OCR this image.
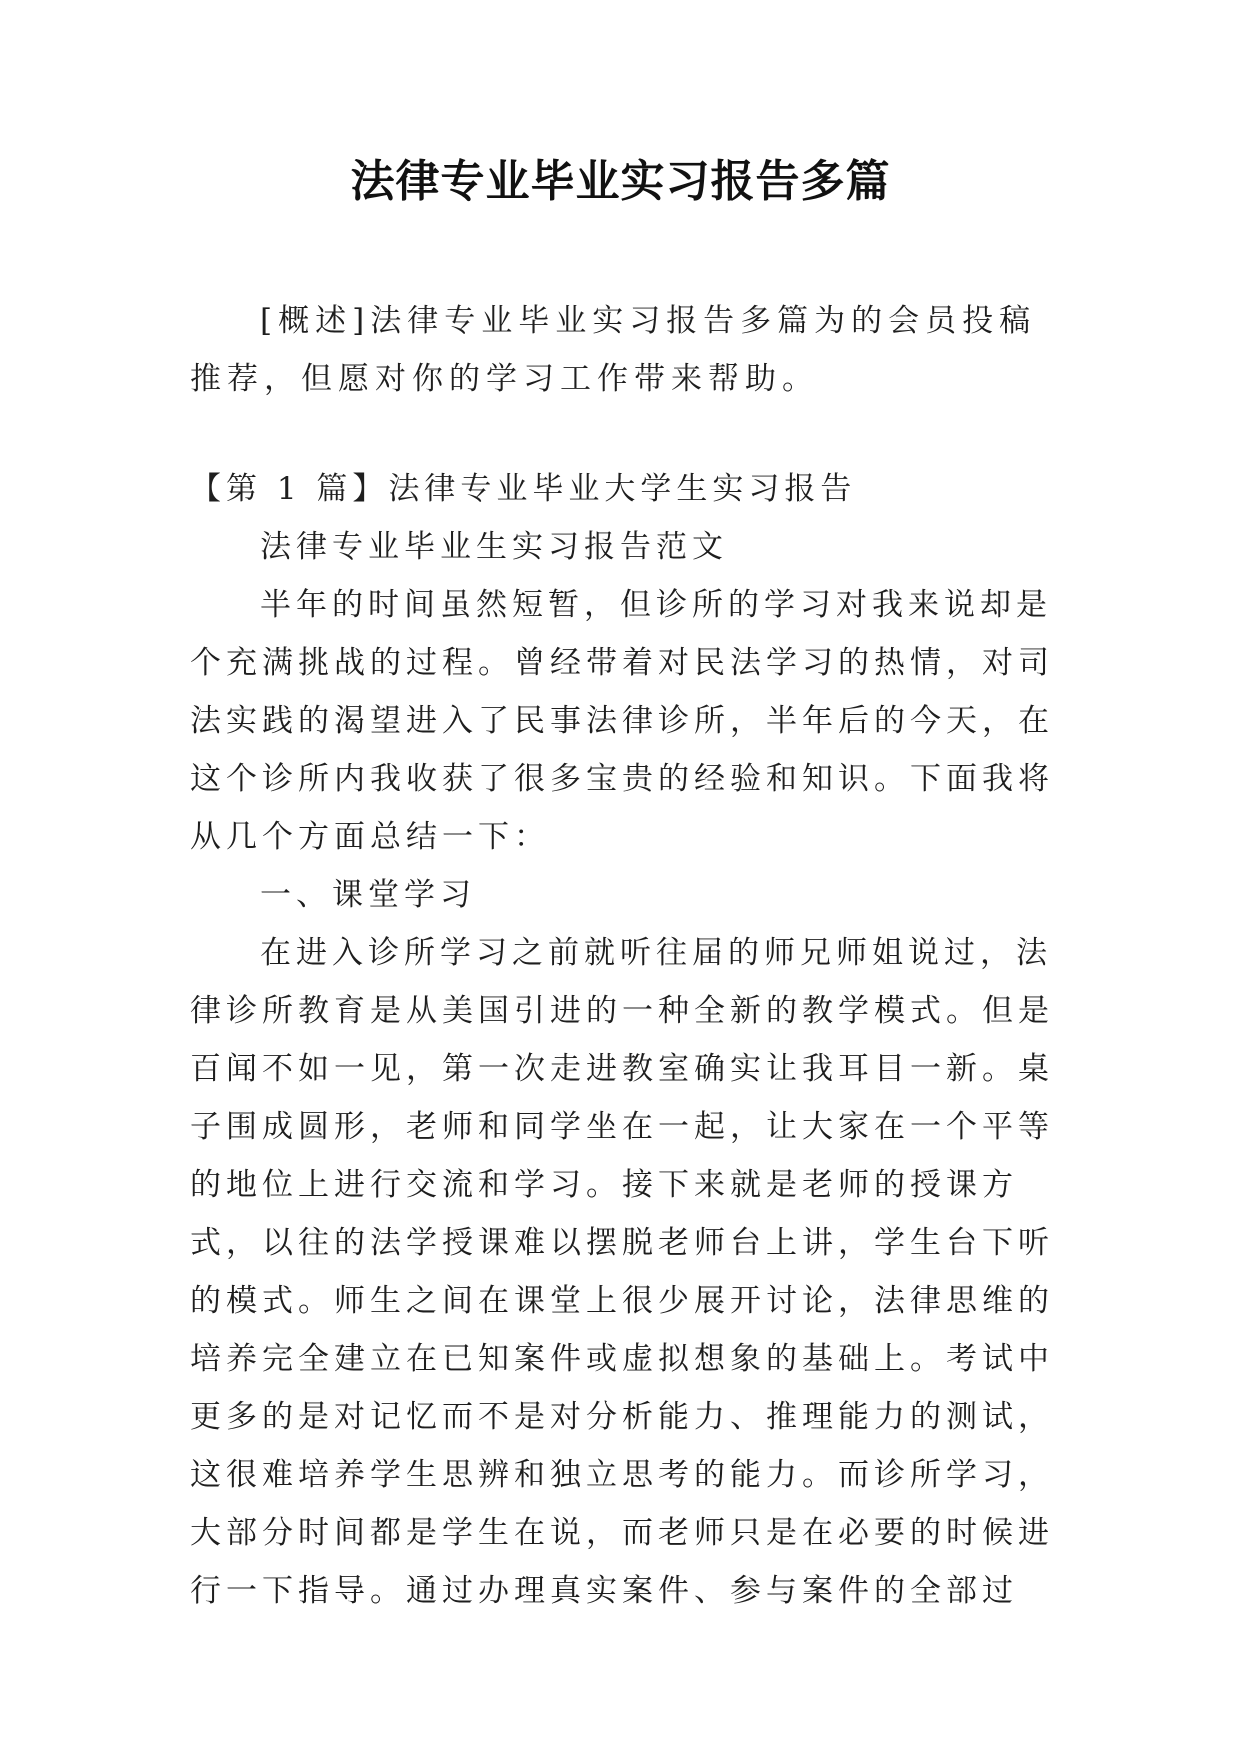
法律专业毕业实习报告多篇

[概述]法律专业毕业实习报告多篇为的会员投稿推荐，但愿对你的学习工作带来帮助。

【第 1 篇】法律专业毕业大学生实习报告

法律专业毕业生实习报告范文

半年的时间虽然短暂，但诊所的学习对我来说却是个充满挑战的过程。曾经带着对民法学习的热情，对司法实践的渴望进入了民事法律诊所，半年后的今天，在这个诊所内我收获了很多宝贵的经验和知识。下面我将从几个方面总结一下：

一、课堂学习

在进入诊所学习之前就听往届的师兄师姐说过，法律诊所教育是从美国引进的一种全新的教学模式。但是百闻不如一见，第一次走进教室确实让我耳目一新。桌子围成圆形，老师和同学坐在一起，让大家在一个平等的地位上进行交流和学习。接下来就是老师的授课方式，以往的法学授课难以摆脱老师台上讲，学生台下听的模式。师生之间在课堂上很少展开讨论，法律思维的培养完全建立在已知案件或虚拟想象的基础上。考试中更多的是对记忆而不是对分析能力、推理能力的测试，这很难培养学生思辨和独立思考的能力。而诊所学习，大部分时间都是学生在说，而老师只是在必要的时候进行一下指导。通过办理真实案件、参与案件的全部过
